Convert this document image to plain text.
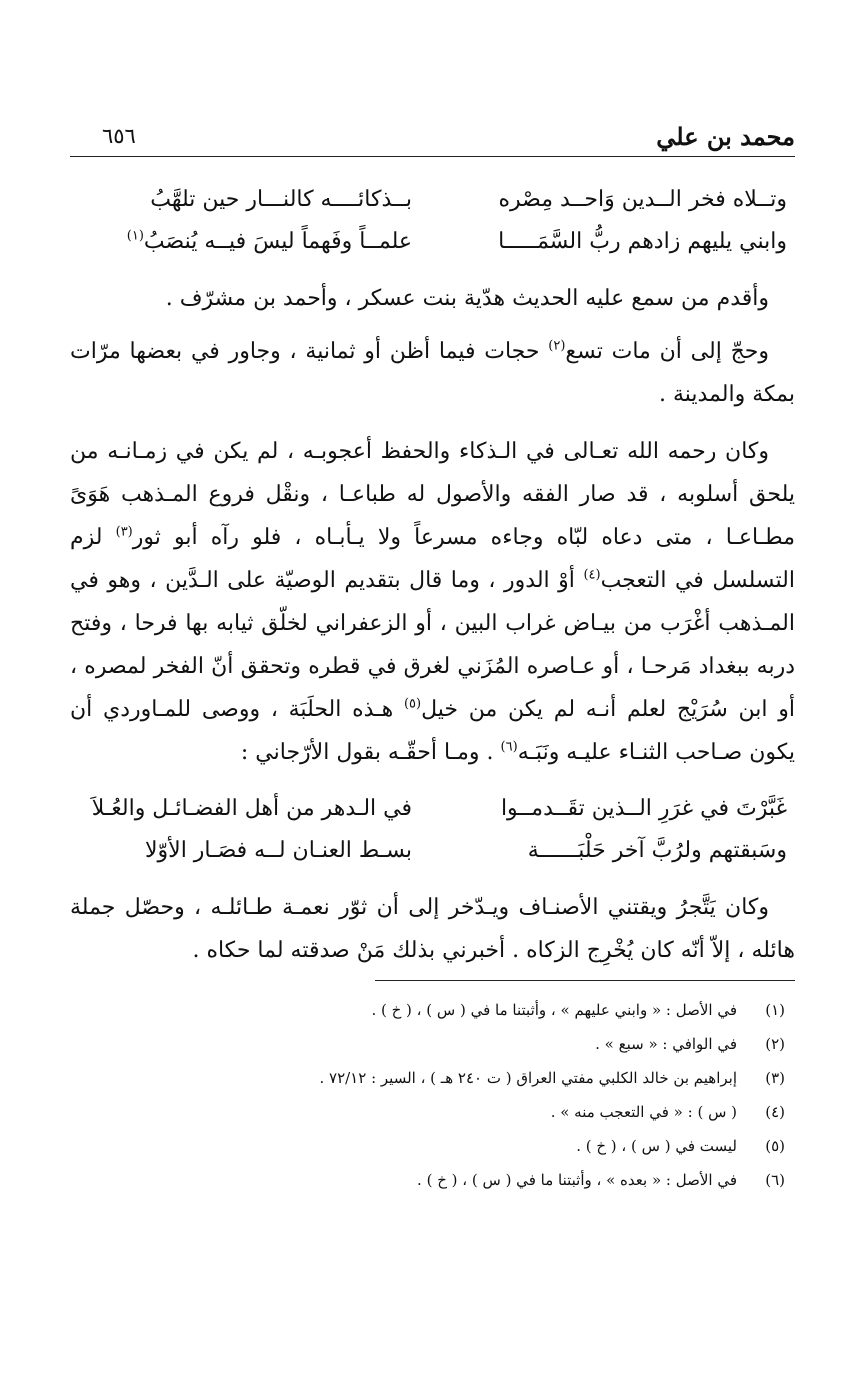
محمد بن علي
٦٥٦
وتــلاه فخر الــدين وَاحــد مِصْره
بــذكائــــه كالنـــار حين تلهَّبُ
وابني يليهم زادهم ربُّ السَّمَـــــا
علمــاً وفَهماً ليسَ فيــه يُنصَبُ$^{(١)}$

وأقدم من سمع عليه الحديث هدّية بنت عسكر ، وأحمد بن مشرّف .

وحجّ إلى أن مات تسع$^{(٢)}$ حجات فيما أظن أو ثمانية ، وجاور في بعضها مرّات بمكة والمدينة .

وكان رحمه الله تعـالى في الـذكاء والحفظ أعجوبـه ، لم يكن في زمـانـه من يلحق أسلوبه ، قد صار الفقه والأصول له طباعـا ، ونقْل فروع المـذهب هَوَىً مطـاعـا ، متى دعاه لبّاه وجاءه مسرعاً ولا يـأبـاه ، فلو رآه أبو ثور$^{(٣)}$ لزم التسلسل في التعجب$^{(٤)}$ أوْ الدور ، وما قال بتقديم الوصيّة على الـدَّين ، وهو في المـذهب أغْرَب من بيـاض غراب البين ، أو الزعفراني لخلّق ثيابه بها فرحا ، وفتح دربه ببغداد مَرحـا ، أو عـاصره المُزَني لغرق في قطره وتحقق أنّ الفخر لمصره ، أو ابن سُرَيْج لعلم أنـه لم يكن من خيل$^{(٥)}$ هـذه الحلَبَة ، ووصى للمـاوردي أن يكون صـاحب الثنـاء عليـه ونَبَـه$^{(٦)}$ . ومـا أحقّـه بقول الأرّجاني :

غَبَّرْتَ في غرَرِ الــذين تقَــدمــوا
في الـدهر من أهل الفضـائـل والعُـلاَ
وسَبقتهم ولرُبَّ آخر حَلْبَــــــة
بسـط العنـان لــه فصَـار الأوّلا

وكان يَتَّجرُ ويقتني الأصنـاف ويـدّخر إلى أن ثوّر نعمـة طـائلـه ، وحصّل جملة هائله ، إلاّ أنّه كان يُخْرِج الزكاه . أخبرني بذلك مَنْ صدقته لما حكاه .

(١)
في الأصل : « وابني عليهم » ، وأثبتنا ما في ( س ) ، ( خ ) .
(٢)
في الوافي : « سبع » .
(٣)
إبراهيم بن خالد الكلبي مفتي العراق ( ت ٢٤٠ هـ ) ، السير : ٧٢/١٢ .
(٤)
( س ) : « في التعجب منه » .
(٥)
ليست في ( س ) ، ( خ ) .
(٦)
في الأصل : « بعده » ، وأثبتنا ما في ( س ) ، ( خ ) .
